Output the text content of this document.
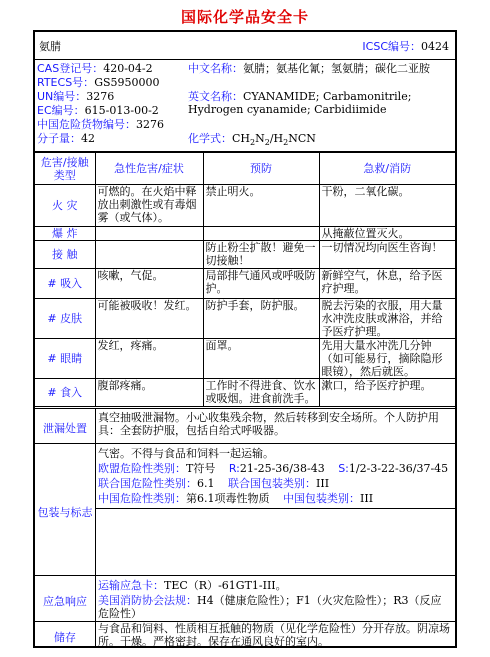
国际化学品安全卡
氨腈	ICSC编号：0424
CAS登记号：420-04-2
RTECS号：GS5950000
UN编号：3276
EC编号：615-013-00-2
中国危险货物编号：3276
分子量：42
中文名称：氨腈；氨基化氰；氢氨腈；碳化二亚胺
英文名称：CYANAMIDE; Carbamonitrile; Hydrogen cyanamide; Carbidiimide
化学式：$CH_2N_2/H_2NCN$
危害/接触类型	急性危害/症状	预防	急救/消防
火 灾	可燃的。在火焰中释放出刺激性或有毒烟雾（或气体）。	禁止明火。	干粉，二氧化碳。
爆 炸			从掩蔽位置灭火。
接 触		防止粉尘扩散！避免一切接触！	一切情况均向医生咨询！
# 吸入	咳嗽，气促。	局部排气通风或呼吸防护。	新鲜空气，休息，给予医疗护理。
# 皮肤	可能被吸收！发红。	防护手套，防护服。	脱去污染的衣服，用大量水冲洗皮肤或淋浴，并给予医疗护理。
# 眼睛	发红，疼痛。	面罩。	先用大量水冲洗几分钟（如可能易行，摘除隐形眼镜），然后就医。
# 食入	腹部疼痛。	工作时不得进食、饮水或吸烟。进食前洗手。	漱口，给予医疗护理。
泄漏处置
真空抽吸泄漏物。小心收集残余物，然后转移到安全场所。个人防护用具：全套防护服，包括自给式呼吸器。
包装与标志
气密。不得与食品和饲料一起运输。
欧盟危险性类别：T符号 R:21-25-36/38-43 S:1/2-3-22-36/37-45
联合国危险性类别：6.1 联合国包装类别：III
中国危险性类别：第6.1项毒性物质 中国包装类别：III
应急响应
运输应急卡：TEC（R）-61GT1-III。
美国消防协会法规：H4（健康危险性）；F1（火灾危险性）；R3（反应危险性）
储存
与食品和饲料、性质相互抵触的物质（见化学危险性）分开存放。阴凉场所。干燥。严格密封。保存在通风良好的室内。
